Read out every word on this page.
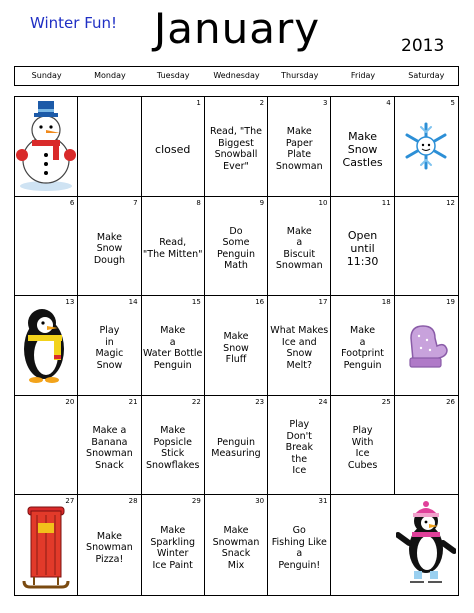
Winter Fun! January	2013
Sunday	Monday	Tuesday	Wednesday	Thursday	Friday	Saturday
1
closed
2
Read, "The
Biggest
Snowball
Ever"
3
Make
Paper
Plate
Snowman
4
Make
Snow Castles
5
6	7
Make
Snow
Dough
8
Read,
"The Mitten"
9
Do
Some
Penguin
Math
10
Make
a
Biscuit
Snowman
11
Open
until
11:30
12
13	14
Play
in
Magic
Snow
15
Make
a
Water Bottle
Penguin
16
Make
Snow
Fluff
17
What Makes
Ice and Snow
Melt?
18
Make
a
Footprint
Penguin
19
20	21
Make a
Banana
Snowman
Snack
22
Make
Popsicle
Stick
Snowflakes
23
Penguin
Measuring
24
Play
Don't
Break
the
Ice
25
Play
With
Ice
Cubes
26
27	28
Make
Snowman
Pizza!
29
Make
Sparkling
Winter
Ice Paint
30
Make
Snowman
Snack
Mix
31
Go
Fishing Like
a
Penguin!
